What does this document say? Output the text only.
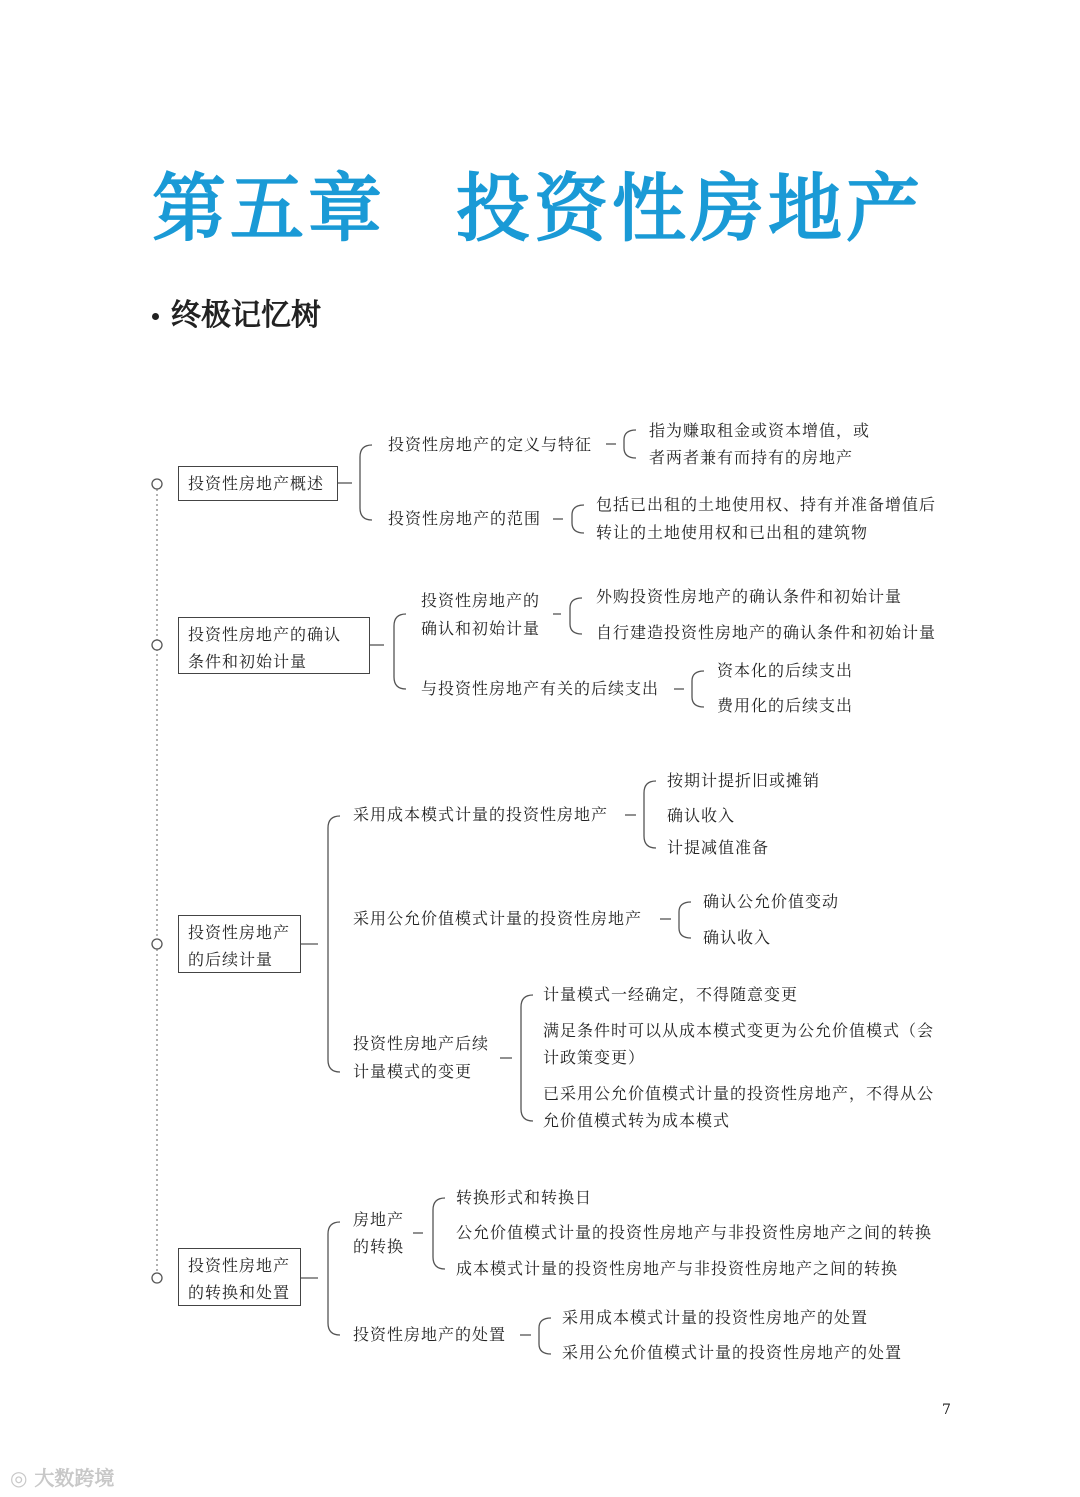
第五章 投资性房地产
终极记忆树
投资性房地产概述
投资性房地产的定义与特征
指为赚取租金或资本增值，或
者两者兼有而持有的房地产
投资性房地产的范围
包括已出租的土地使用权、持有并准备增值后
转让的土地使用权和已出租的建筑物
投资性房地产的确认
条件和初始计量
投资性房地产的
确认和初始计量
外购投资性房地产的确认条件和初始计量
自行建造投资性房地产的确认条件和初始计量
与投资性房地产有关的后续支出
资本化的后续支出
费用化的后续支出
投资性房地产
的后续计量
采用成本模式计量的投资性房地产
按期计提折旧或摊销
确认收入
计提减值准备
采用公允价值模式计量的投资性房地产
确认公允价值变动
确认收入
投资性房地产后续
计量模式的变更
计量模式一经确定，不得随意变更
满足条件时可以从成本模式变更为公允价值模式（会
计政策变更）
已采用公允价值模式计量的投资性房地产，不得从公
允价值模式转为成本模式
投资性房地产
的转换和处置
房地产
的转换
转换形式和转换日
公允价值模式计量的投资性房地产与非投资性房地产之间的转换
成本模式计量的投资性房地产与非投资性房地产之间的转换
投资性房地产的处置
采用成本模式计量的投资性房地产的处置
采用公允价值模式计量的投资性房地产的处置
7
◎ 大数跨境
